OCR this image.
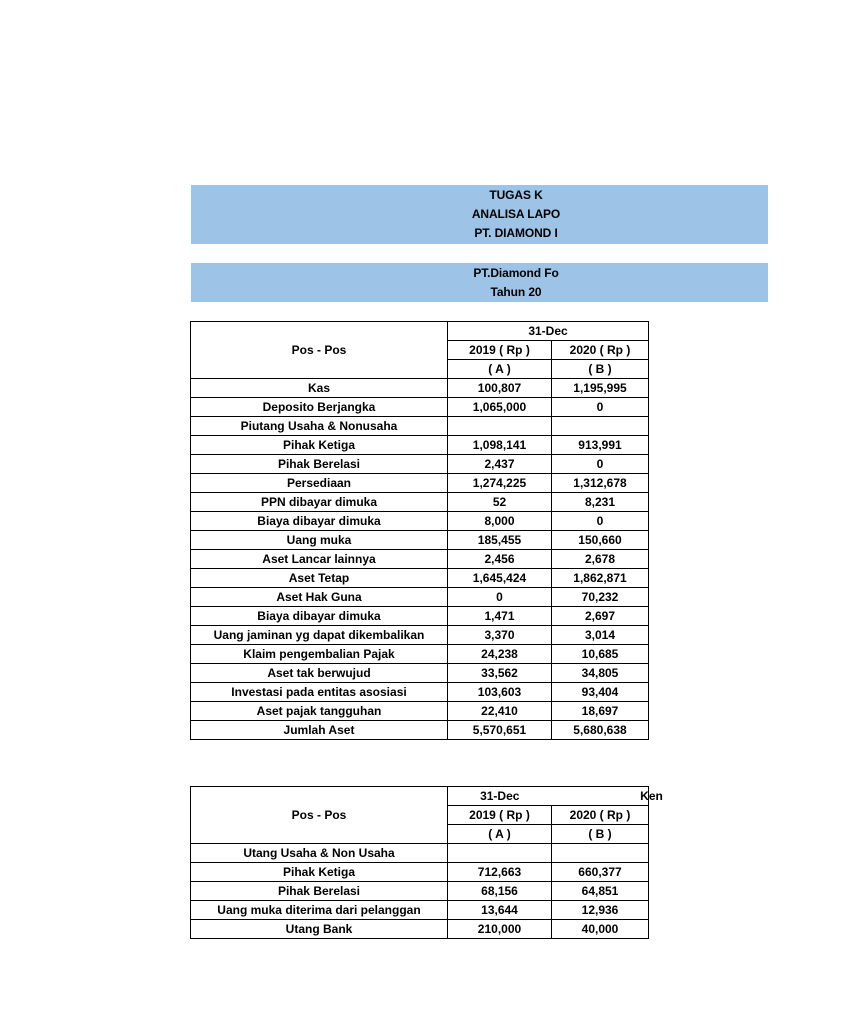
TUGAS K
ANALISA LAPO
PT. DIAMOND I
PT.Diamond Fo
Tahun 20
Pos - Pos	31-Dec	
	2019 ( Rp )	2020 ( Rp )
	( A )	( B )
Kas	100,807	1,195,995
Deposito Berjangka	1,065,000	0
Piutang Usaha & Nonusaha		
Pihak Ketiga	1,098,141	913,991
Pihak Berelasi	2,437	0
Persediaan	1,274,225	1,312,678
PPN dibayar dimuka	52	8,231
Biaya dibayar dimuka	8,000	0
Uang muka	185,455	150,660
Aset Lancar lainnya	2,456	2,678
Aset Tetap	1,645,424	1,862,871
Aset Hak Guna	0	70,232
Biaya dibayar dimuka	1,471	2,697
Uang jaminan yg dapat dikembalikan	3,370	3,014
Klaim pengembalian Pajak	24,238	10,685
Aset tak berwujud	33,562	34,805
Investasi pada entitas asosiasi	103,603	93,404
Aset pajak tangguhan	22,410	18,697
Jumlah Aset	5,570,651	5,680,638
Pos - Pos	31-Dec	Ken

	2019 ( Rp )	2020 ( Rp )
	( A )	( B )
Utang Usaha & Non Usaha		
Pihak Ketiga	712,663	660,377
Pihak Berelasi	68,156	64,851
Uang muka diterima dari pelanggan	13,644	12,936
Utang Bank	210,000	40,000
